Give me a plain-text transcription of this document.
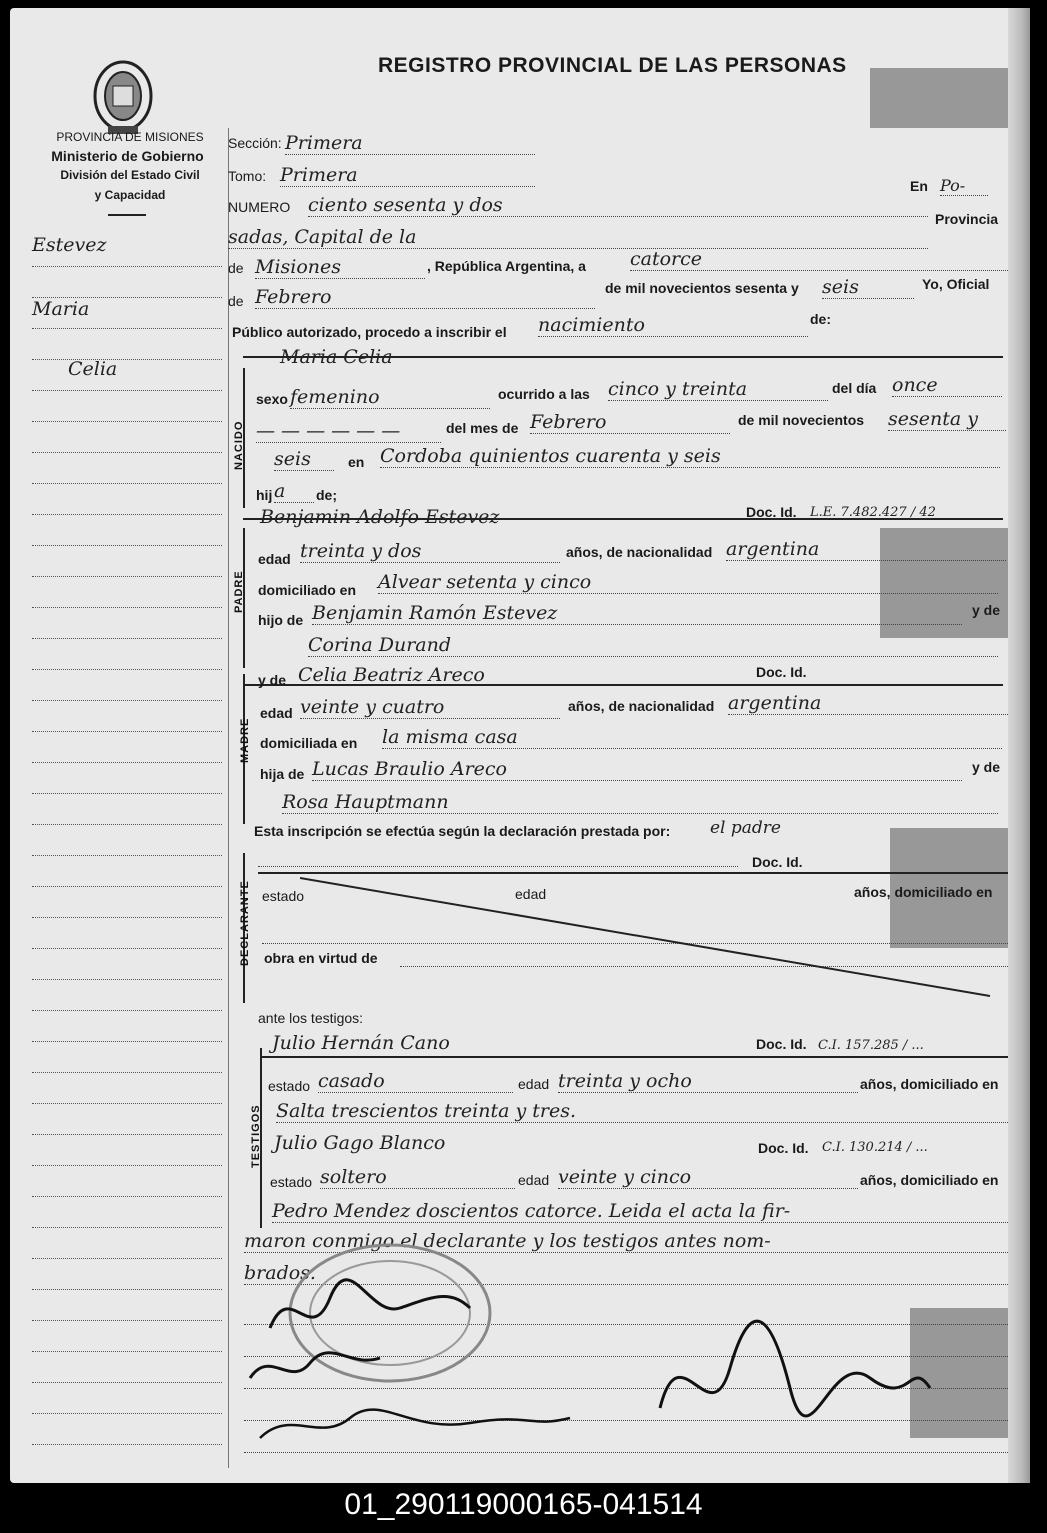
PROVINCIA DE MISIONES
Ministerio de Gobierno
División del Estado Civil
y Capacidad
REGISTRO PROVINCIAL DE LAS PERSONAS
Estevez
Maria
Celia
Sección: Primera
Tomo: Primera	En Po-
NUMERO ciento sesenta y dos
Provincia
sadas, Capital de la
de Misiones	, República Argentina, a catorce
de Febrero	de mil novecientos sesenta y seis	Yo, Oficial
Público autorizado, procedo a inscribir el nacimiento	de:
NACIDO
Maria Celia
sexo femenino	ocurrido a las cinco y treinta	del día once
— — — — — —	del mes de Febrero	de mil novecientos sesenta y
seis	en Cordoba quinientos cuarenta y seis
hij a	de;
PADRE
Benjamin Adolfo Estevez	Doc. Id. L.E. 7.482.427 / 42
edad treinta y dos	años, de nacionalidad argentina
domiciliado en Alvear setenta y cinco
hijo de Benjamin Ramón Estevez	y de
Corina Durand
MADRE
y de Celia Beatriz Areco	Doc. Id.
edad veinte y cuatro	años, de nacionalidad argentina
domiciliada en la misma casa
hija de Lucas Braulio Areco	y de
Rosa Hauptmann
Esta inscripción se efectúa según la declaración prestada por: el padre
DECLARANTE
Doc. Id.
estado	edad	años, domiciliado en
obra en virtud de
ante los testigos:
TESTIGOS
Julio Hernán Cano	Doc. Id. C.I. 157.285 / ...
estado casado	edad treinta y ocho	años, domiciliado en
Salta trescientos treinta y tres.
Julio Gago Blanco	Doc. Id. C.I. 130.214 / ...
estado soltero	edad veinte y cinco	años, domiciliado en
Pedro Mendez doscientos catorce. Leida el acta la fir-
maron conmigo el declarante y los testigos antes nom-
brados.
01_290119000165-041514
